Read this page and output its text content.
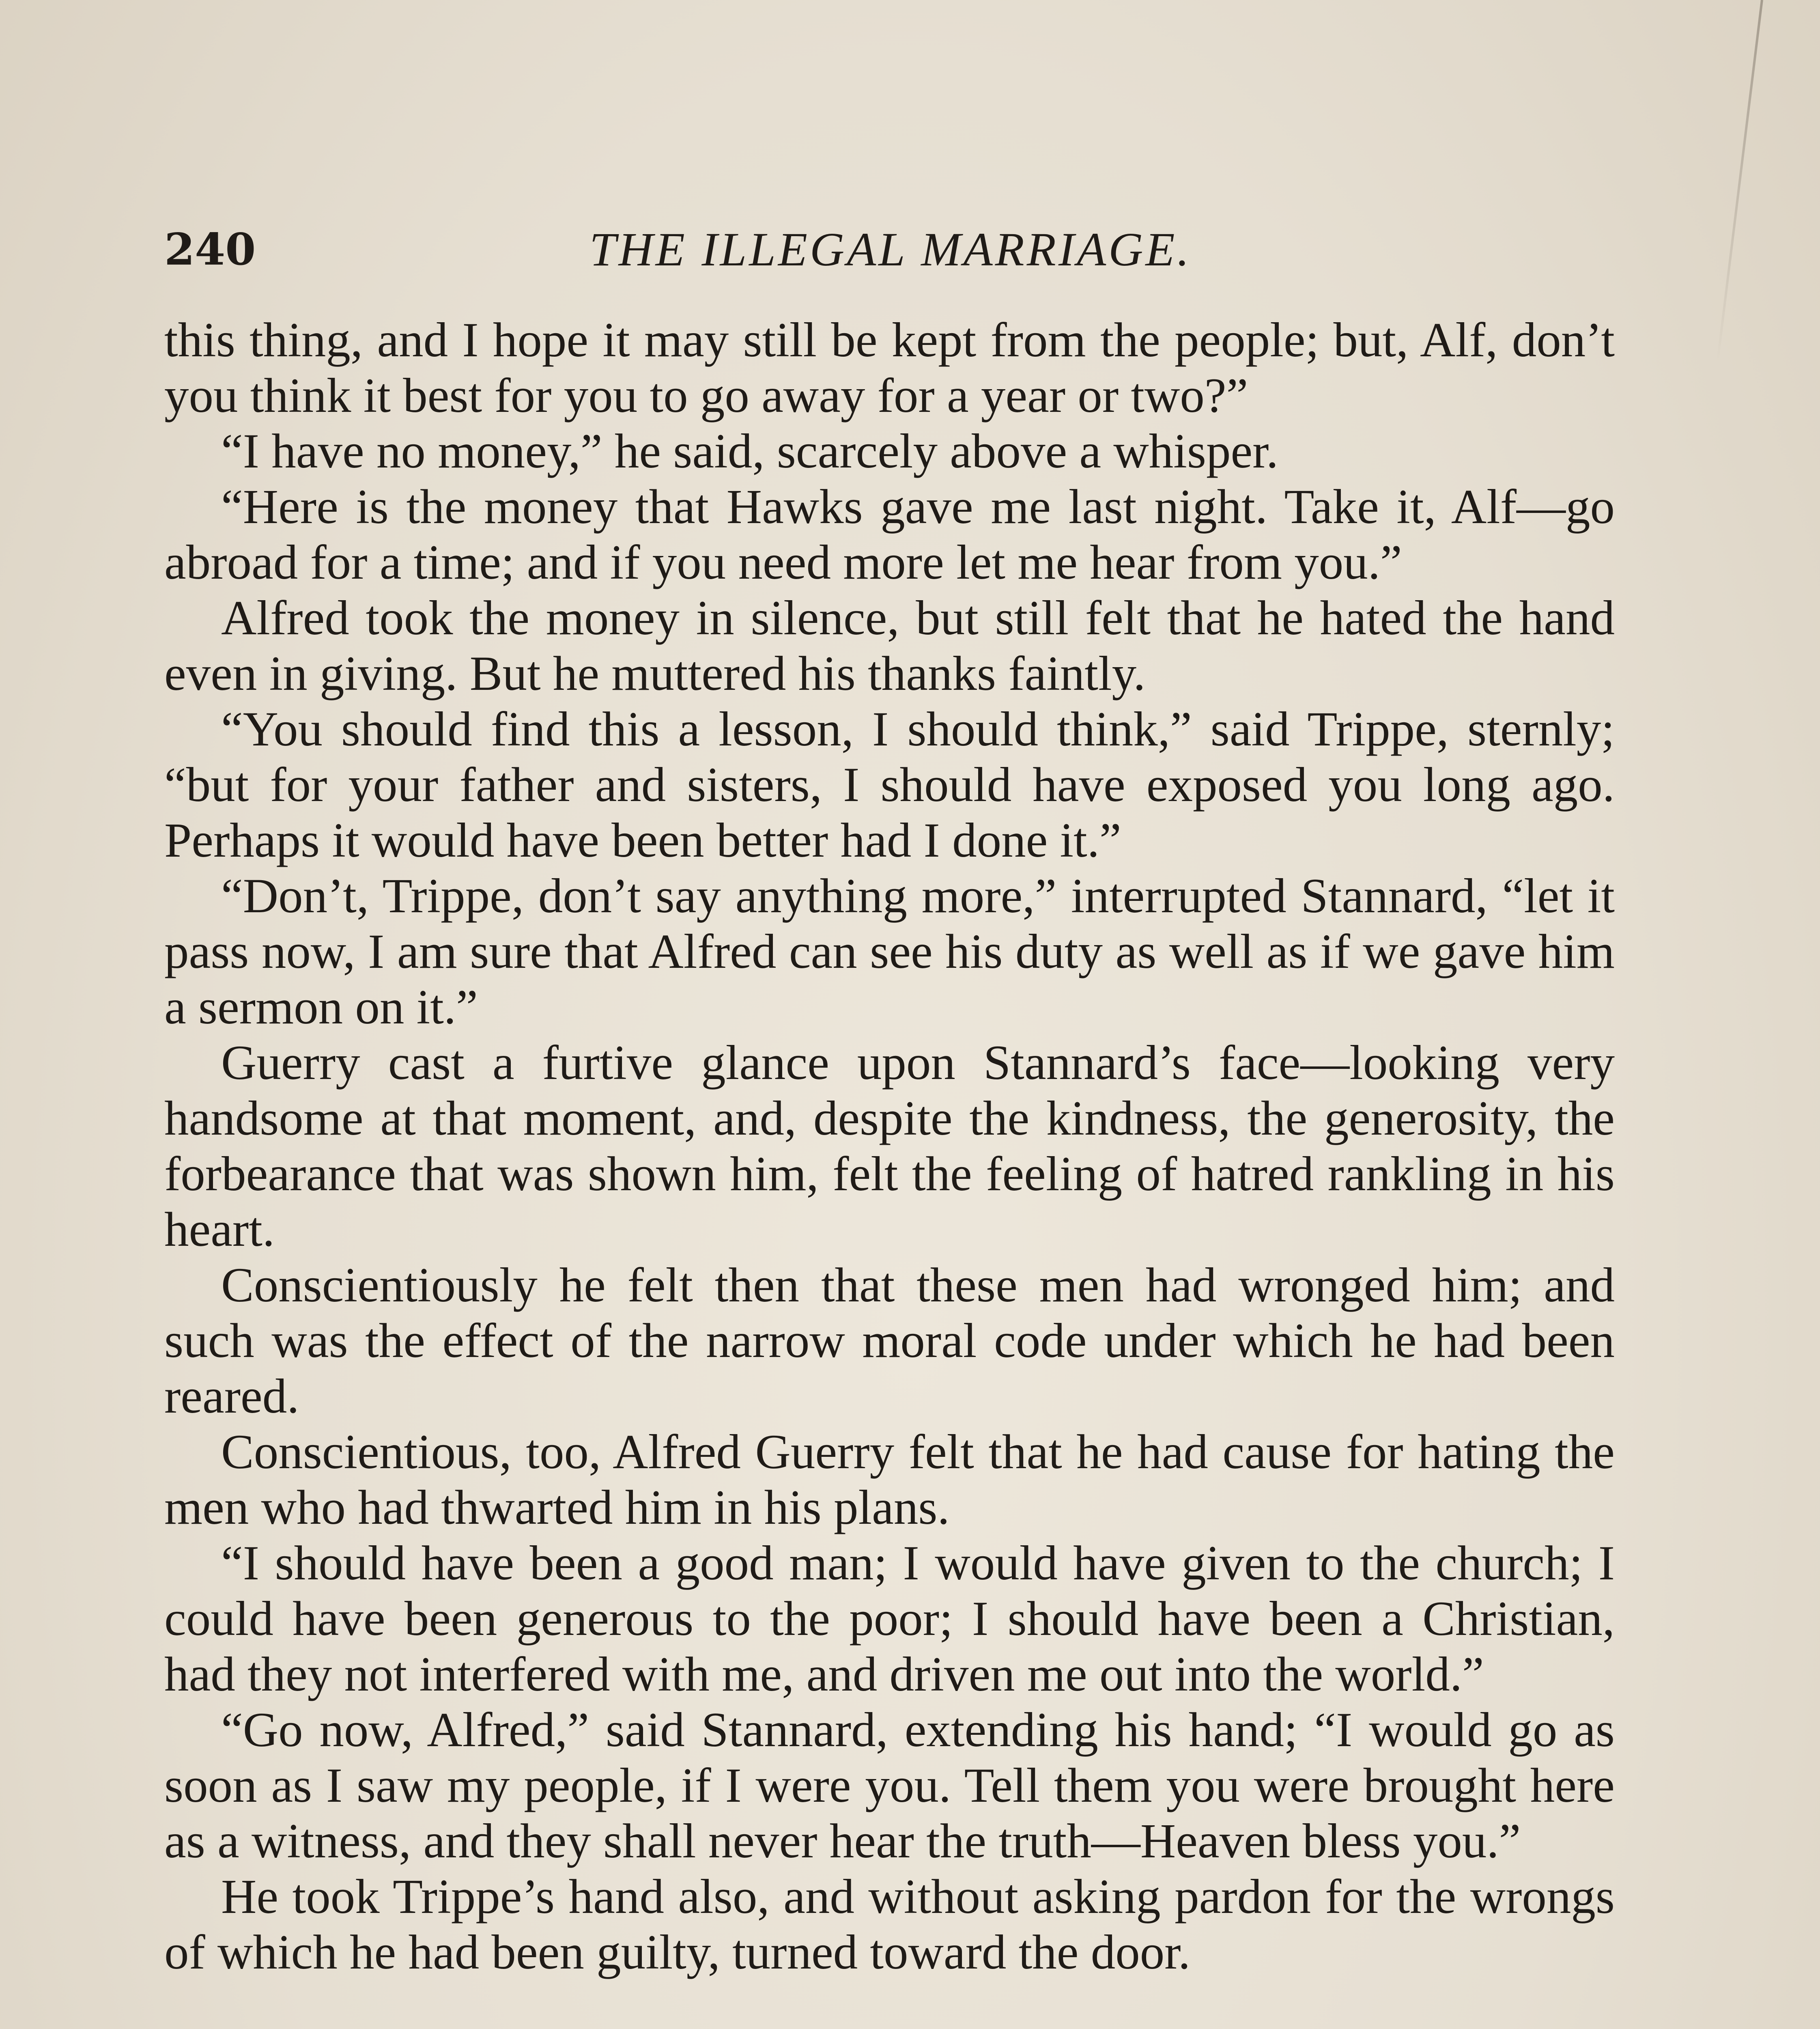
240	THE ILLEGAL MARRIAGE.

this thing, and I hope it may still be kept from the people; but, Alf, don’t you think it best for you to go away for a year or two?”

“I have no money,” he said, scarcely above a whisper.

“Here is the money that Hawks gave me last night. Take it, Alf—go abroad for a time; and if you need more let me hear from you.”

Alfred took the money in silence, but still felt that he hated the hand even in giving. But he muttered his thanks faintly.

“You should find this a lesson, I should think,” said Trippe, sternly; “but for your father and sisters, I should have exposed you long ago. Perhaps it would have been better had I done it.”

“Don’t, Trippe, don’t say anything more,” interrupted Stannard, “let it pass now, I am sure that Alfred can see his duty as well as if we gave him a sermon on it.”

Guerry cast a furtive glance upon Stannard’s face—looking very handsome at that moment, and, despite the kindness, the generosity, the forbearance that was shown him, felt the feeling of hatred rankling in his heart.

Conscientiously he felt then that these men had wronged him; and such was the effect of the narrow moral code under which he had been reared.

Conscientious, too, Alfred Guerry felt that he had cause for hating the men who had thwarted him in his plans.

“I should have been a good man; I would have given to the church; I could have been generous to the poor; I should have been a Christian, had they not interfered with me, and driven me out into the world.”

“Go now, Alfred,” said Stannard, extending his hand; “I would go as soon as I saw my people, if I were you. Tell them you were brought here as a witness, and they shall never hear the truth—Heaven bless you.”

He took Trippe’s hand also, and without asking pardon for the wrongs of which he had been guilty, turned toward the door.
